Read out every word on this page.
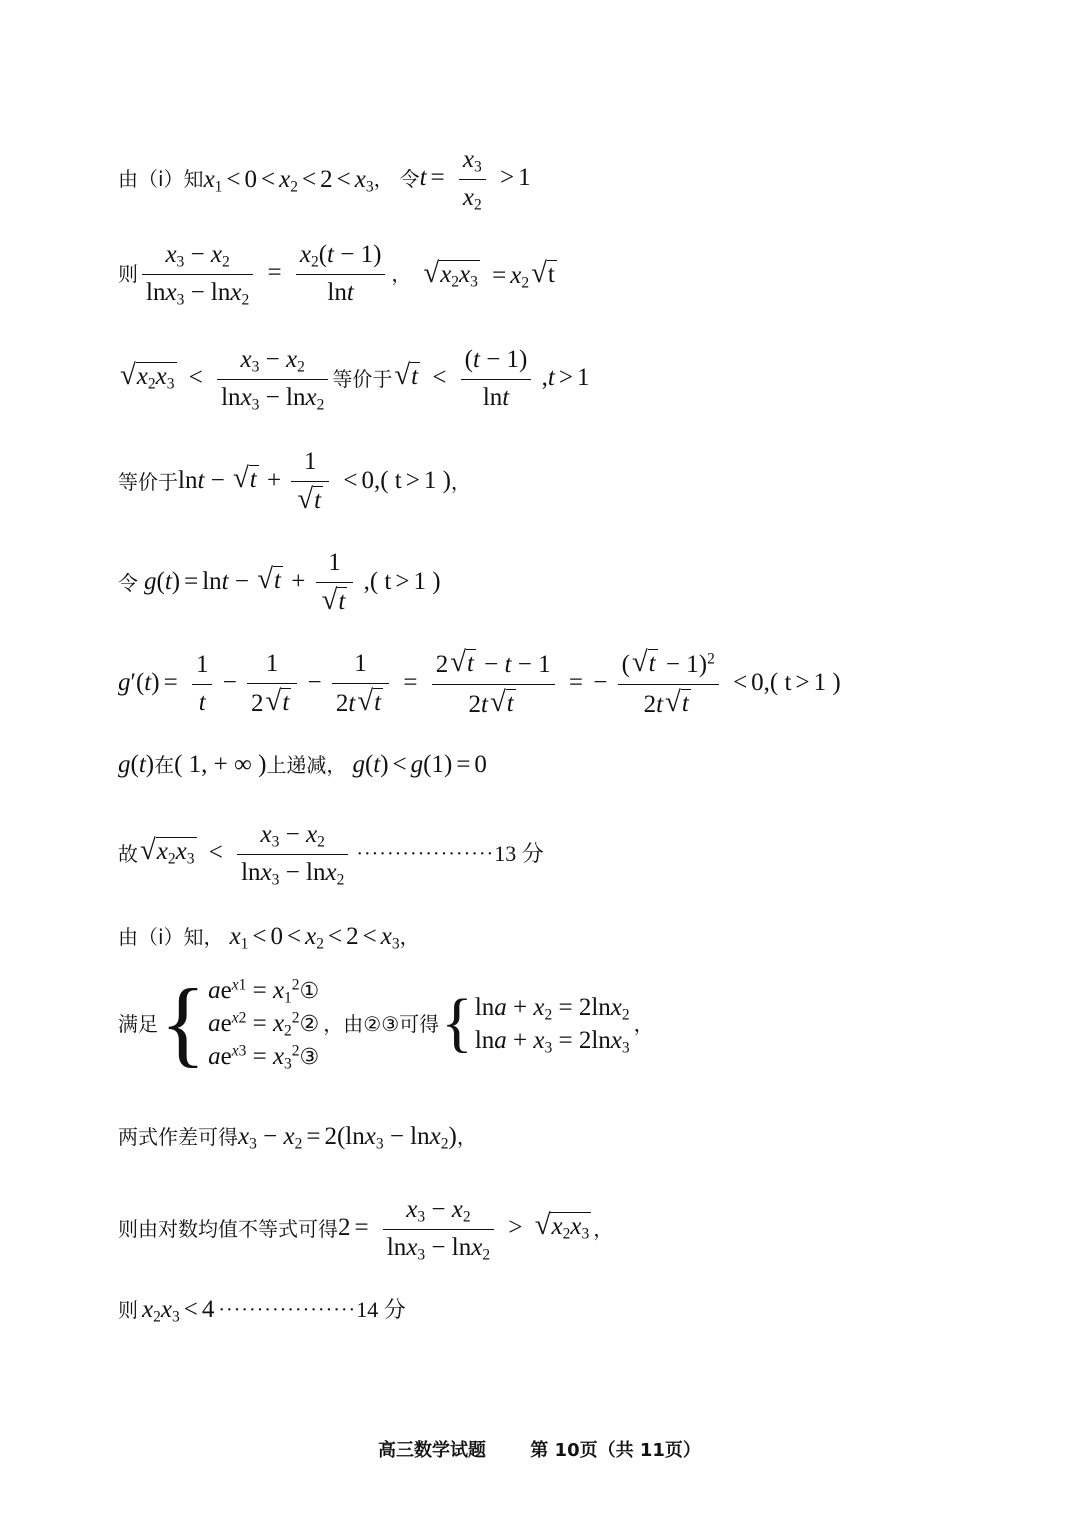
由（i）知 $x_1 < 0 < x_2 < 2 < x_3$ ， 令 $t = \frac{x_3}{x_2} > 1$
则 $\frac{x_3 - x_2}{\ln x_3 - \ln x_2} = \frac{x_2(t - 1)}{\ln t}$ ， √ $x_2x_3 = x_2$ √ t
√ $x_2x_3 < \frac{x_3 - x_2}{\ln x_3 - \ln x_2}$ 等价于 √ $t < \frac{(t - 1)}{\ln t} ,t > 1$
等价于 lnt − √ $t + \frac{1}{√ t} < 0$,( t > 1 ) ，
令 g(t) = lnt − √ $t + \frac{1}{√ t}$ ,( t > 1 )
$g'(t) = \frac{1}{t} - \frac{1}{2 √ t} - \frac{1}{2t √ t} = \frac{2 √ t - t - 1}{2t √ t}$ = − $\frac{( √ t - 1)^2}{2t √ t} < 0$,( t > 1 )
g(t) 在 ( 1, + ∞ ) 上递减， g(t) < g(1) = 0
故 √ $x_2x_3 < \frac{x_3 - x_2}{\ln x_3 - \ln x_2}$ ·················· 13 分
由（i）知， $x_1 < 0 < x_2 < 2 < x_3$ ，
满足 { $ae^{x1}$ = $x_1^2①$
$ae^{x2}$ = $x_2^2②$
$ae^{x3}$ = $x_3^2③$
，由②③可得 { $\ln a + x_2 = 2\ln x_2$
$\ln a + x_3 = 2\ln x_3$
，
两式作差可得 $x_3 - x_2 = 2(\ln x_3 - \ln x_2)$ ，
则由对数均值不等式可得 $2 = \frac{x_3 - x_2}{\ln x_3 - \ln x_2}$ > √ $x_2x_3$ ，
则 $x_2x_3 < 4$ ·················· 14 分
高三数学试题 第 10页（共 11页）
